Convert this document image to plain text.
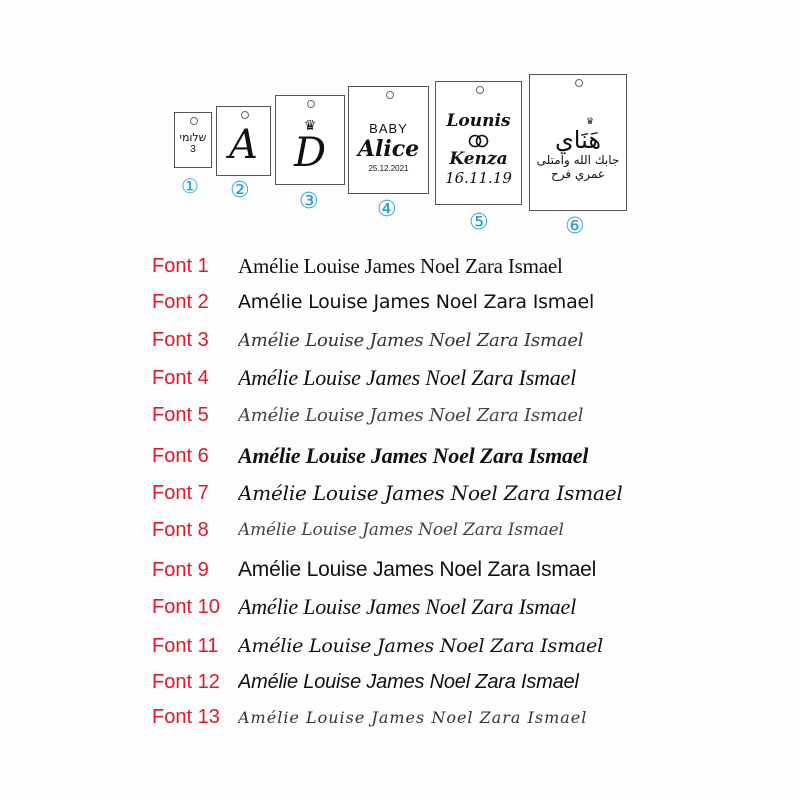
שלומי
3
①
A
②
♛
D
③
BABY
Alice
25.12.2021
④
Lounis
Kenza
16.11.19
⑤
♛
هَنَاي
جابك الله وامتلى
عمري فرح
⑥
Font 1	Amélie Louise James Noel Zara Ismael
Font 2	Amélie Louise James Noel Zara Ismael
Font 3	Amélie Louise James Noel Zara Ismael
Font 4	Amélie Louise James Noel Zara Ismael
Font 5	Amélie Louise James Noel Zara Ismael
Font 6	Amélie Louise James Noel Zara Ismael
Font 7	Amélie Louise James Noel Zara Ismael
Font 8	Amélie Louise James Noel Zara Ismael
Font 9	Amélie Louise James Noel Zara Ismael
Font 10 Amélie Louise James Noel Zara Ismael
Font 11	Amélie Louise James Noel Zara Ismael
Font 12 Amélie Louise James Noel Zara Ismael
Font 13	Amélie Louise James Noel Zara Ismael
